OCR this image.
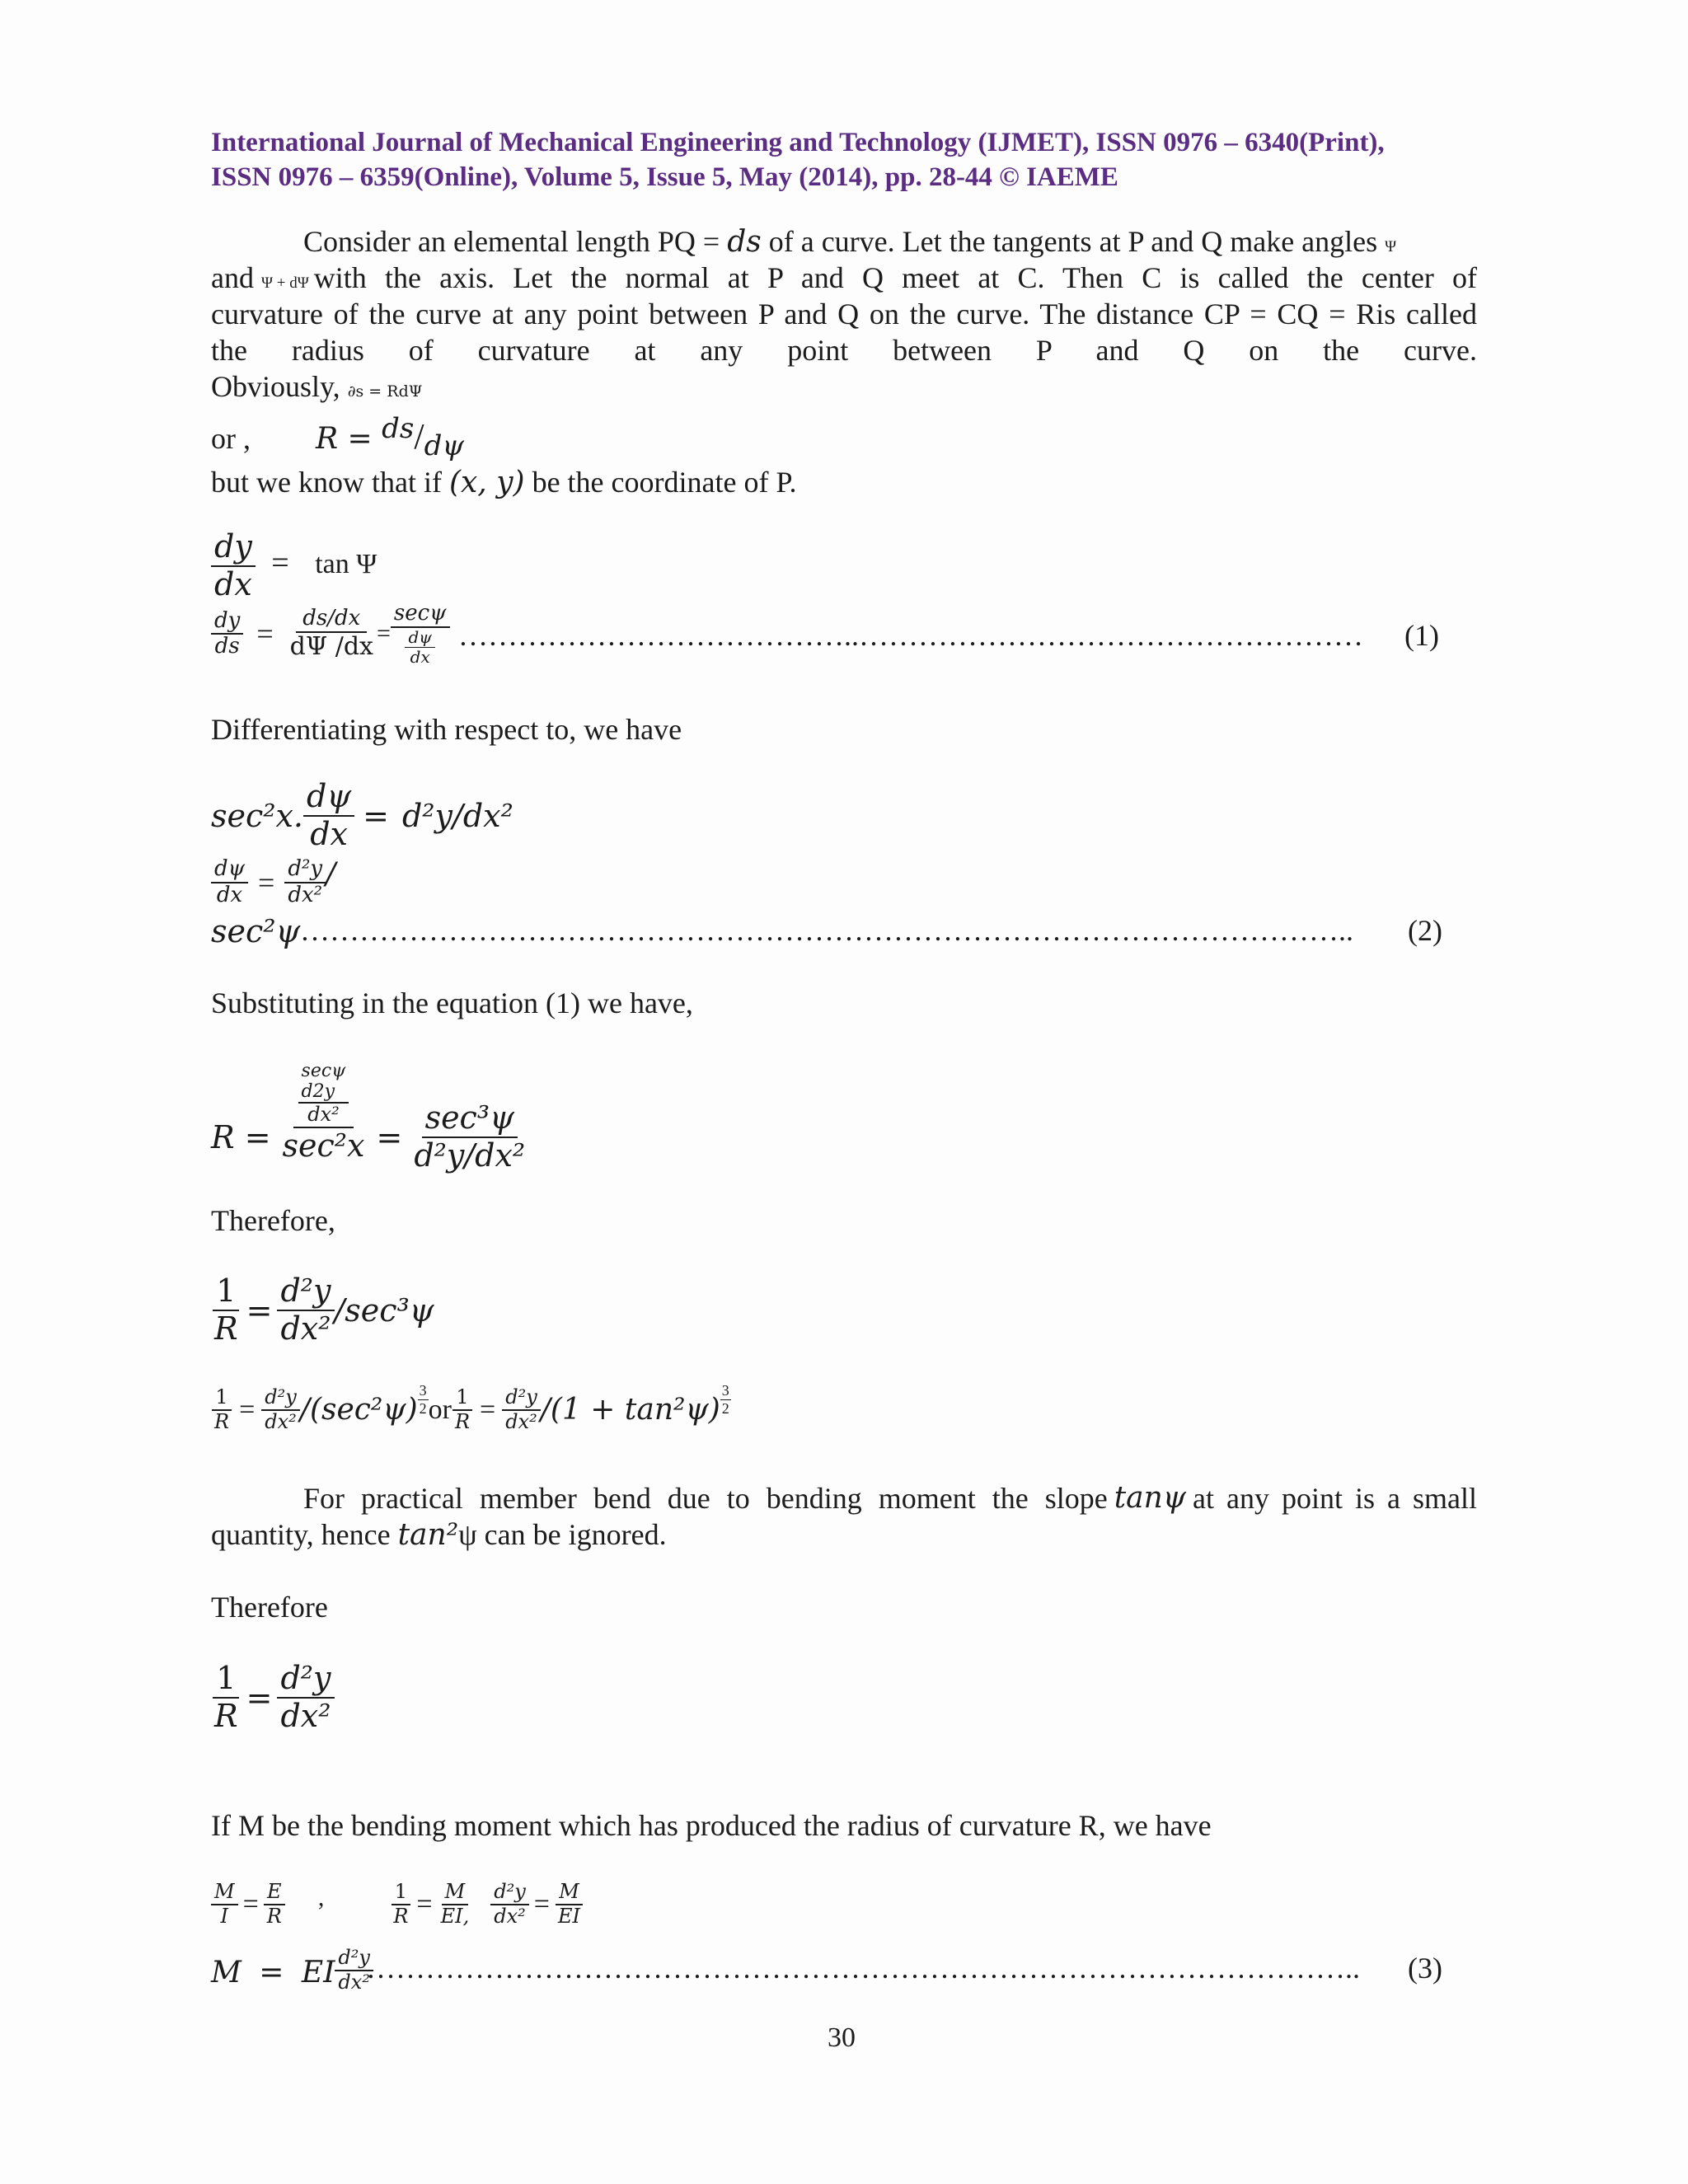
International Journal of Mechanical Engineering and Technology (IJMET), ISSN 0976 – 6340(Print),
ISSN 0976 – 6359(Online), Volume 5, Issue 5, May (2014), pp. 28-44 © IAEME
Consider an elemental length PQ = ds of a curve. Let the tangents at P and Q make angles Ψ
and Ψ + dΨ with the axis. Let the normal at P and Q meet at C. Then C is called the center of
curvature of the curve at any point between P and Q on the curve. The distance CP = CQ = Ris called
the radius of curvature at any point between P and Q on the curve.
Obviously, ∂s = RdΨ
or , $R = ^{ds}/_{d\psi}$
but we know that if (x, y) be the coordinate of P.
$\frac{dy}{dx} = \tan \Psi$
$\frac{dy}{ds} = \frac{ds/dx}{d\Psi /dx} = \frac{\sec\psi}{\frac{d\psi}{dx}}$ …………………………………..……………………………………………	(1)
Differentiating with respect to, we have
sec²x. $\frac{d\psi}{dx} = d^2y/dx^2$
$\frac{d\psi}{dx} = \frac{\text{d²y}}{\text{dx²}}$ /
sec²ψ ……………………………………………………………………………………………..	(2)
Substituting in the equation (1) we have,
R =
secψ
d2y
dx²
$\sec^2x = \frac{\text{sec³ψ}}{\text{d²y/dx²}}$
Therefore,
$\frac{1}{R} = \frac{\text{d²y}}{\text{dx²}} /\sec^3\psi$
$\frac{1}{R} = \frac{\text{d²y}}{\text{dx²}} /(\sec^2\psi) \frac{3}{2}$ or $\frac{1}{R} = \frac{\text{d²y}}{\text{dx²}} /(1 + \tan^2\psi) \frac{3}{2}$
For practical member bend due to bending moment the slope tanψ at any point is a small
quantity, hence tan²ψ can be ignored.
Therefore
$\frac{1}{R} = \frac{\text{d²y}}{\text{dx²}}$
If M be the bending moment which has produced the radius of curvature R, we have
$\frac{M}{I} = \frac{E}{R}$ ,	$\frac{1}{R} = \frac{M}{EI,} \frac{\text{d²y}}{\text{dx²}} = \frac{M}{EI}$
M = EI $\frac{\text{d²y}}{\text{dx²}}$
………………………………………………………………………………………..	(3)
30
